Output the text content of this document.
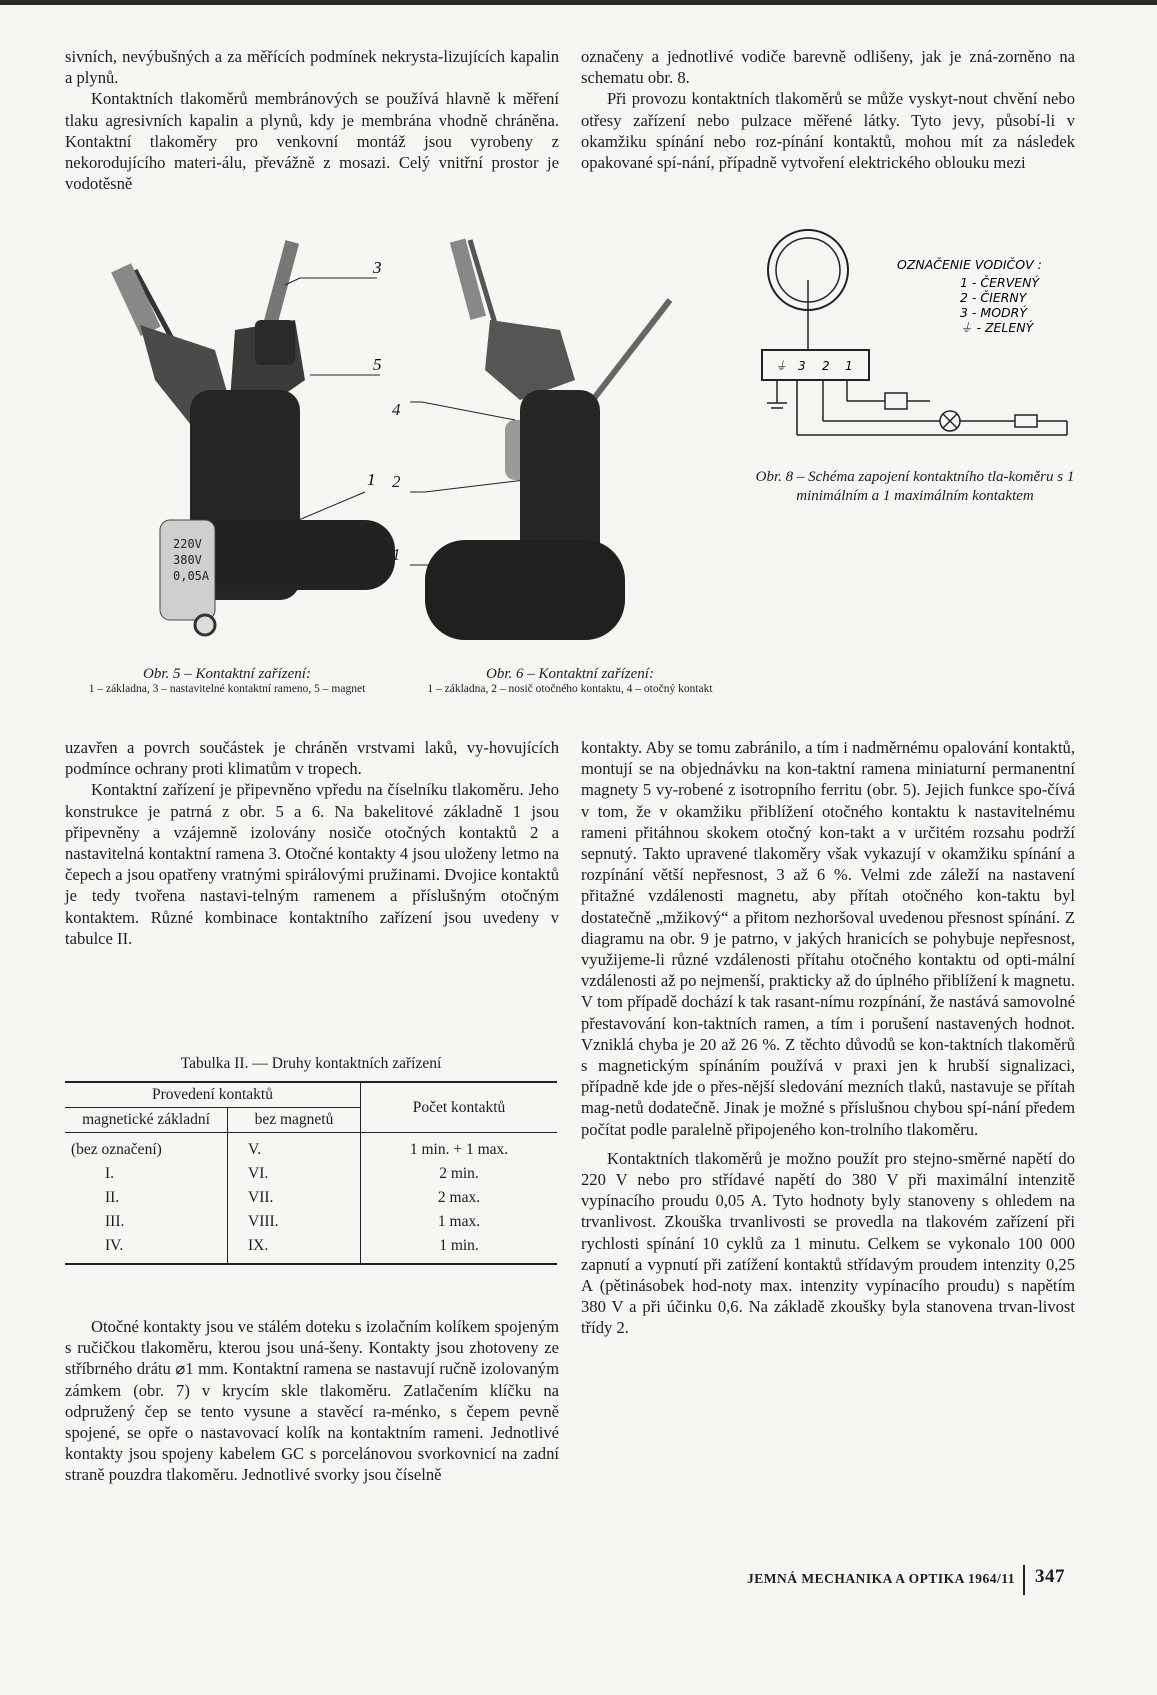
sivních, nevýbušných a za měřících podmínek nekrysta-lizujících kapalin a plynů.

Kontaktních tlakoměrů membránových se používá hlavně k měření tlaku agresivních kapalin a plynů, kdy je membrána vhodně chráněna. Kontaktní tlakoměry pro venkovní montáž jsou vyrobeny z nekorodujícího materi-álu, převážně z mosazi. Celý vnitřní prostor je vodotěsně

označeny a jednotlivé vodiče barevně odlišeny, jak je zná-zorněno na schematu obr. 8.

Při provozu kontaktních tlakoměrů se může vyskyt-nout chvění nebo otřesy zařízení nebo pulzace měřené látky. Tyto jevy, působí-li v okamžiku spínání nebo roz-pínání kontaktů, mohou mít za následek opakované spí-nání, případně vytvoření elektrického oblouku mezi

220V
380V
0,05A
3
5
1
Obr. 5 – Kontaktní zařízení:
1 – základna, 3 – nastavitelné kontaktní rameno, 5 – magnet
4
2
1
Obr. 6 – Kontaktní zařízení:
1 – základna, 2 – nosič otočného kontaktu, 4 – otočný kontakt
⏚ 3 2 1
OZNAČENIE VODIČOV :
1 - ČERVENÝ
2 - ČIERNY
3 - MODRÝ
⏚ - ZELENÝ
Obr. 8 – Schéma zapojení kontaktního tla-koměru s 1 minimálním a 1 maximálním kontaktem

uzavřen a povrch součástek je chráněn vrstvami laků, vy-hovujících podmínce ochrany proti klimatům v tropech.

Kontaktní zařízení je připevněno vpředu na číselníku tlakoměru. Jeho konstrukce je patrná z obr. 5 a 6. Na bakelitové základně 1 jsou připevněny a vzájemně izolovány nosiče otočných kontaktů 2 a nastavitelná kontaktní ramena 3. Otočné kontakty 4 jsou uloženy letmo na čepech a jsou opatřeny vratnými spirálovými pružinami. Dvojice kontaktů je tedy tvořena nastavi-telným ramenem a příslušným otočným kontaktem. Různé kombinace kontaktního zařízení jsou uvedeny v tabulce II.

Tabulka II. — Druhy kontaktních zařízení
Provedení kontaktů		Počet kontaktů
magnetické základní	bez magnetů	
(bez označení)	V.	1 min. + 1 max.
I.	VI.	2 min.
II.	VII.	2 max.
III.	VIII.	1 max.
IV.	IX.	1 min.

Otočné kontakty jsou ve stálém doteku s izolačním kolíkem spojeným s ručičkou tlakoměru, kterou jsou uná-šeny. Kontakty jsou zhotoveny ze stříbrného drátu ⌀1 mm. Kontaktní ramena se nastavují ručně izolovaným zámkem (obr. 7) v krycím skle tlakoměru. Zatlačením klíčku na odpružený čep se tento vysune a stavěcí ra-ménko, s čepem pevně spojené, se opře o nastavovací kolík na kontaktním rameni. Jednotlivé kontakty jsou spojeny kabelem GC s porcelánovou svorkovnicí na zadní straně pouzdra tlakoměru. Jednotlivé svorky jsou číselně

kontakty. Aby se tomu zabránilo, a tím i nadměrnému opalování kontaktů, montují se na objednávku na kon-taktní ramena miniaturní permanentní magnety 5 vy-robené z isotropního ferritu (obr. 5). Jejich funkce spo-čívá v tom, že v okamžiku přiblížení otočného kontaktu k nastavitelnému rameni přitáhnou skokem otočný kon-takt a v určitém rozsahu podrží sepnutý. Takto upravené tlakoměry však vykazují v okamžiku spínání a rozpínání větší nepřesnost, 3 až 6 %. Velmi zde záleží na nastavení přitažné vzdálenosti magnetu, aby přítah otočného kon-taktu byl dostatečně „mžikový“ a přitom nezhoršoval uvedenou přesnost spínání. Z diagramu na obr. 9 je patrno, v jakých hranicích se pohybuje nepřesnost, využijeme-li různé vzdálenosti přítahu otočného kontaktu od opti-mální vzdálenosti až po nejmenší, prakticky až do úplného přiblížení k magnetu. V tom případě dochází k tak rasant-nímu rozpínání, že nastává samovolné přestavování kon-taktních ramen, a tím i porušení nastavených hodnot. Vzniklá chyba je 20 až 26 %. Z těchto důvodů se kon-taktních tlakoměrů s magnetickým spínáním používá v praxi jen k hrubší signalizaci, případně kde jde o přes-nější sledování mezních tlaků, nastavuje se přítah mag-netů dodatečně. Jinak je možné s příslušnou chybou spí-nání předem počítat podle paralelně připojeného kon-trolního tlakoměru.

Kontaktních tlakoměrů je možno použít pro stejno-směrné napětí do 220 V nebo pro střídavé napětí do 380 V při maximální intenzitě vypínacího proudu 0,05 A. Tyto hodnoty byly stanoveny s ohledem na trvanlivost. Zkouška trvanlivosti se provedla na tlakovém zařízení při rychlosti spínání 10 cyklů za 1 minutu. Celkem se vykonalo 100 000 zapnutí a vypnutí při zatížení kontaktů střídavým proudem intenzity 0,25 A (pětinásobek hod-noty max. intenzity vypínacího proudu) s napětím 380 V a při účinku 0,6. Na základě zkoušky byla stanovena trvan-livost třídy 2.

JEMNÁ MECHANIKA A OPTIKA 1964/11 347
